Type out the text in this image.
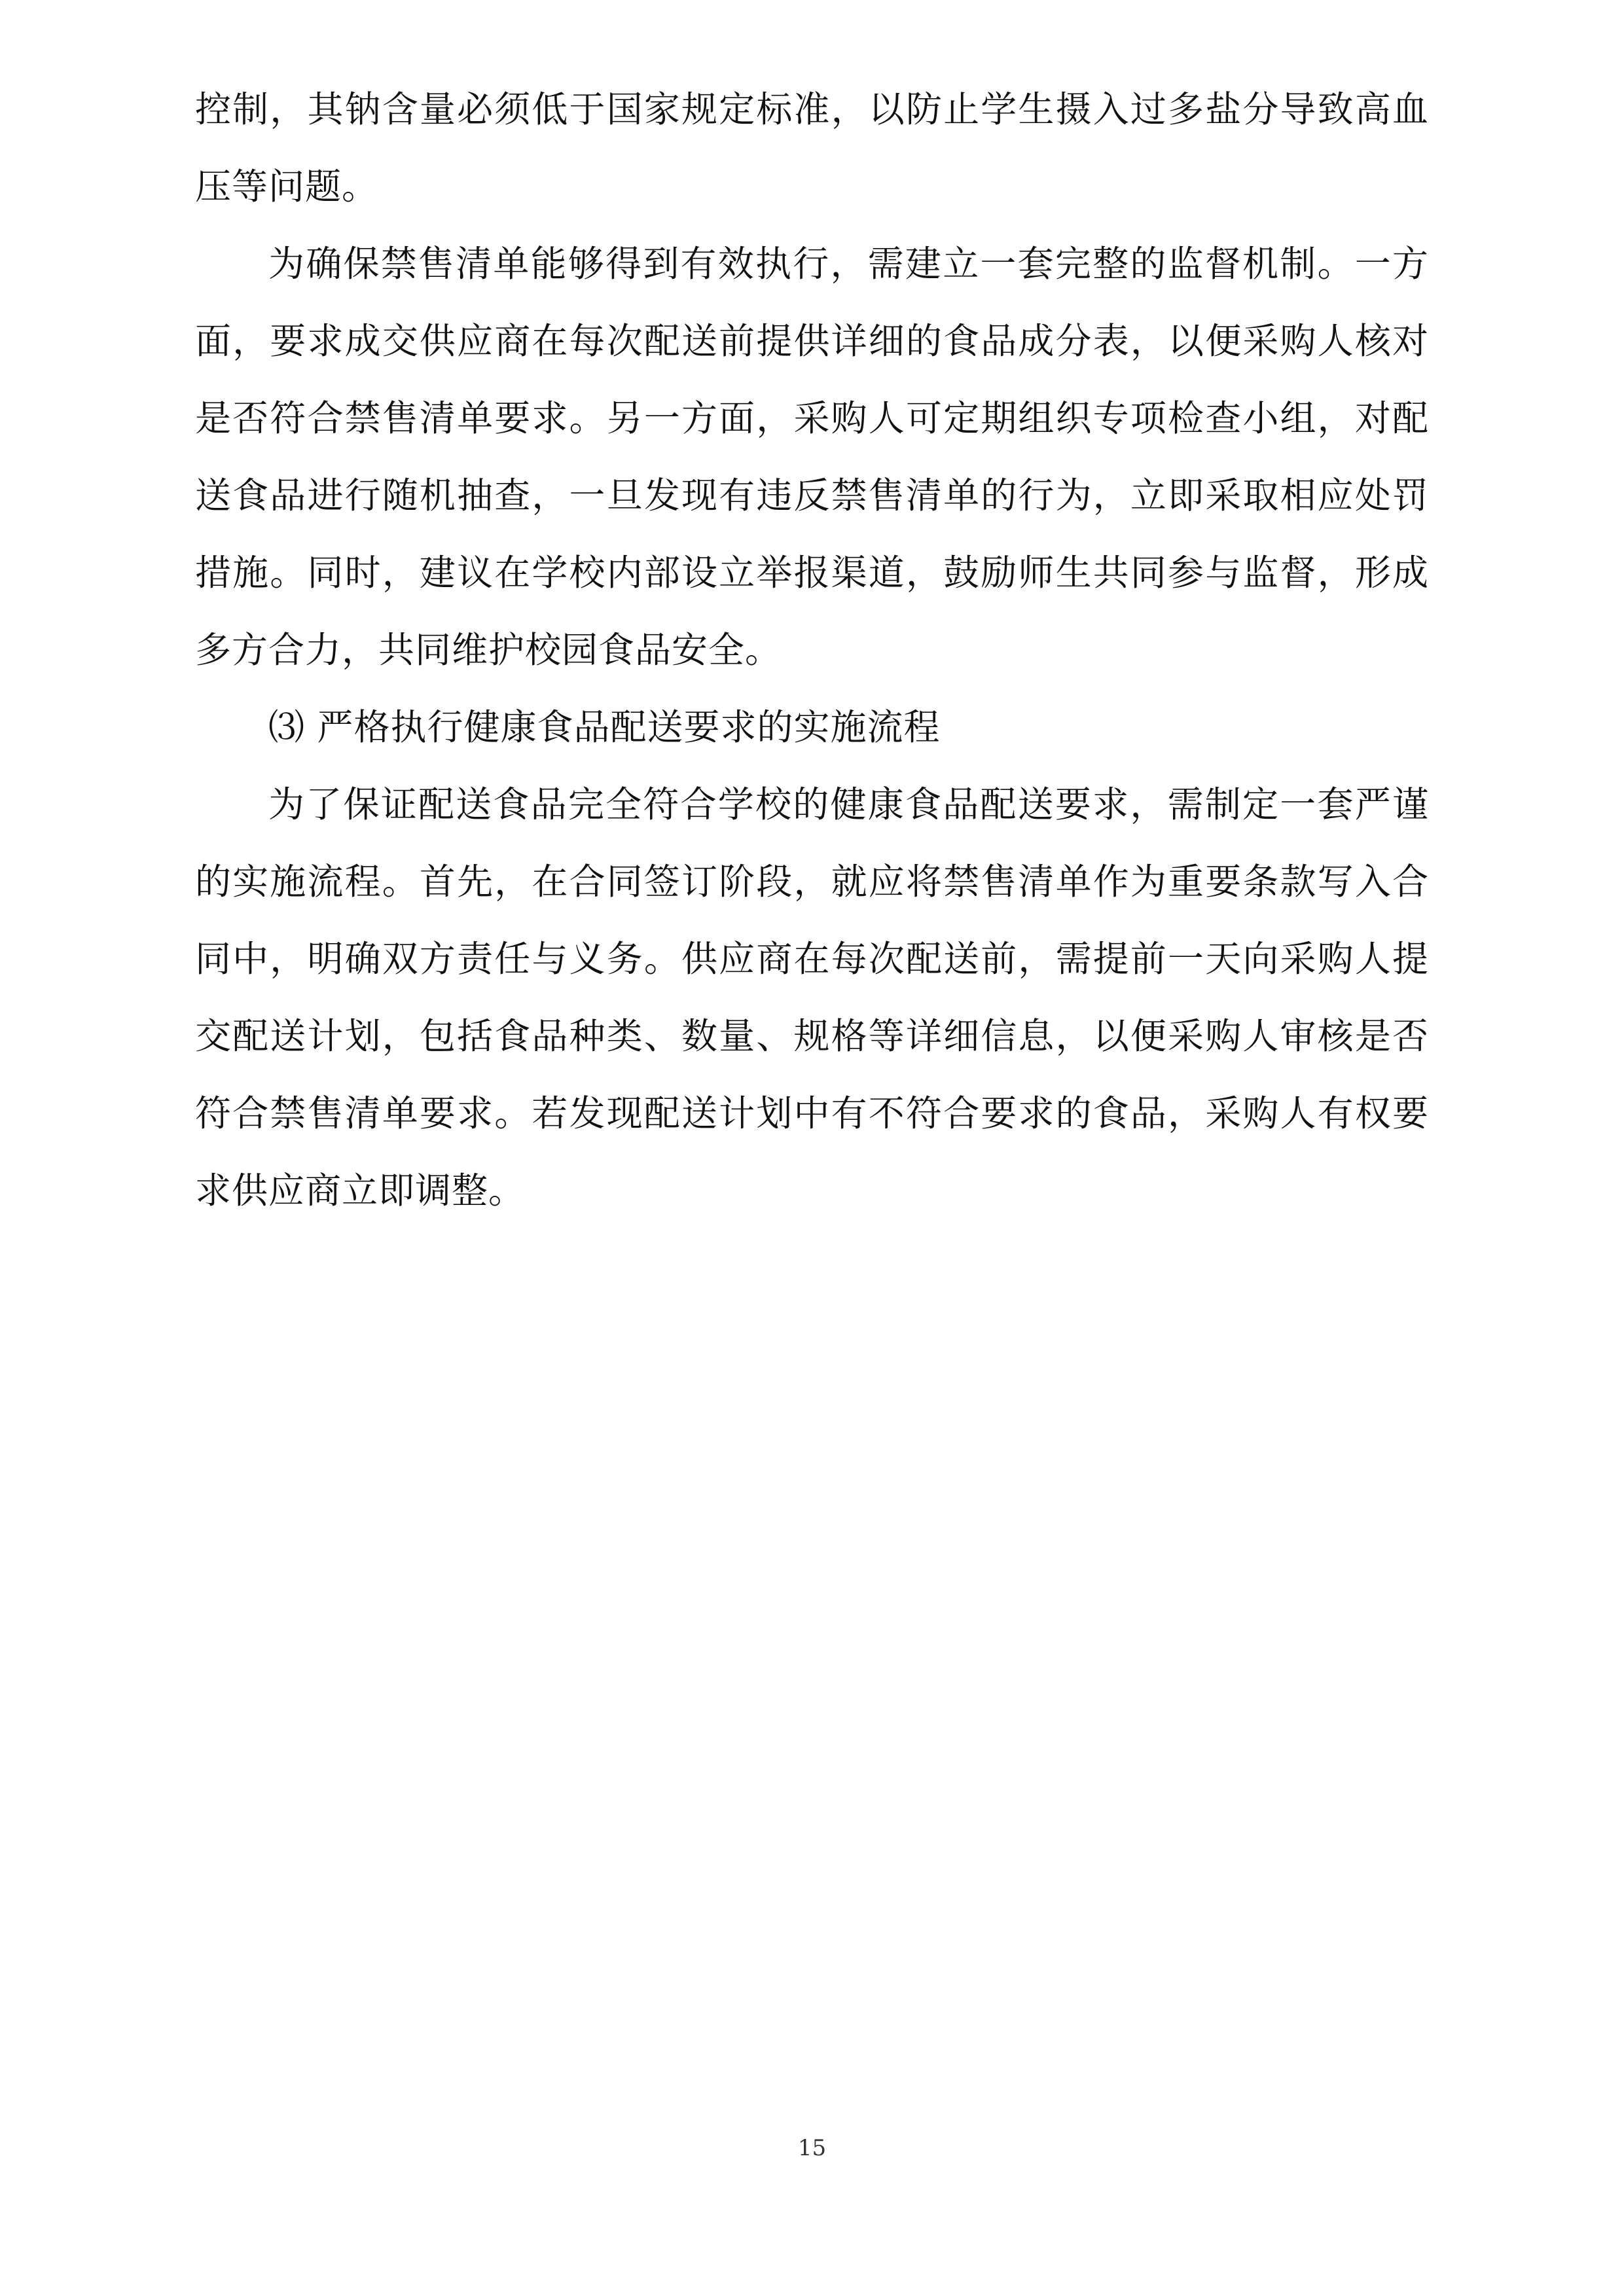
控制，其钠含量必须低于国家规定标准，以防止学生摄入过多盐分导致高血压等问题。

为确保禁售清单能够得到有效执行，需建立一套完整的监督机制。一方面，要求成交供应商在每次配送前提供详细的食品成分表，以便采购人核对是否符合禁售清单要求。另一方面，采购人可定期组织专项检查小组，对配送食品进行随机抽查，一旦发现有违反禁售清单的行为，立即采取相应处罚措施。同时，建议在学校内部设立举报渠道，鼓励师生共同参与监督，形成多方合力，共同维护校园食品安全。

⑶ 严格执行健康食品配送要求的实施流程

为了保证配送食品完全符合学校的健康食品配送要求，需制定一套严谨的实施流程。首先，在合同签订阶段，就应将禁售清单作为重要条款写入合同中，明确双方责任与义务。供应商在每次配送前，需提前一天向采购人提交配送计划，包括食品种类、数量、规格等详细信息，以便采购人审核是否符合禁售清单要求。若发现配送计划中有不符合要求的食品，采购人有权要求供应商立即调整。

15
